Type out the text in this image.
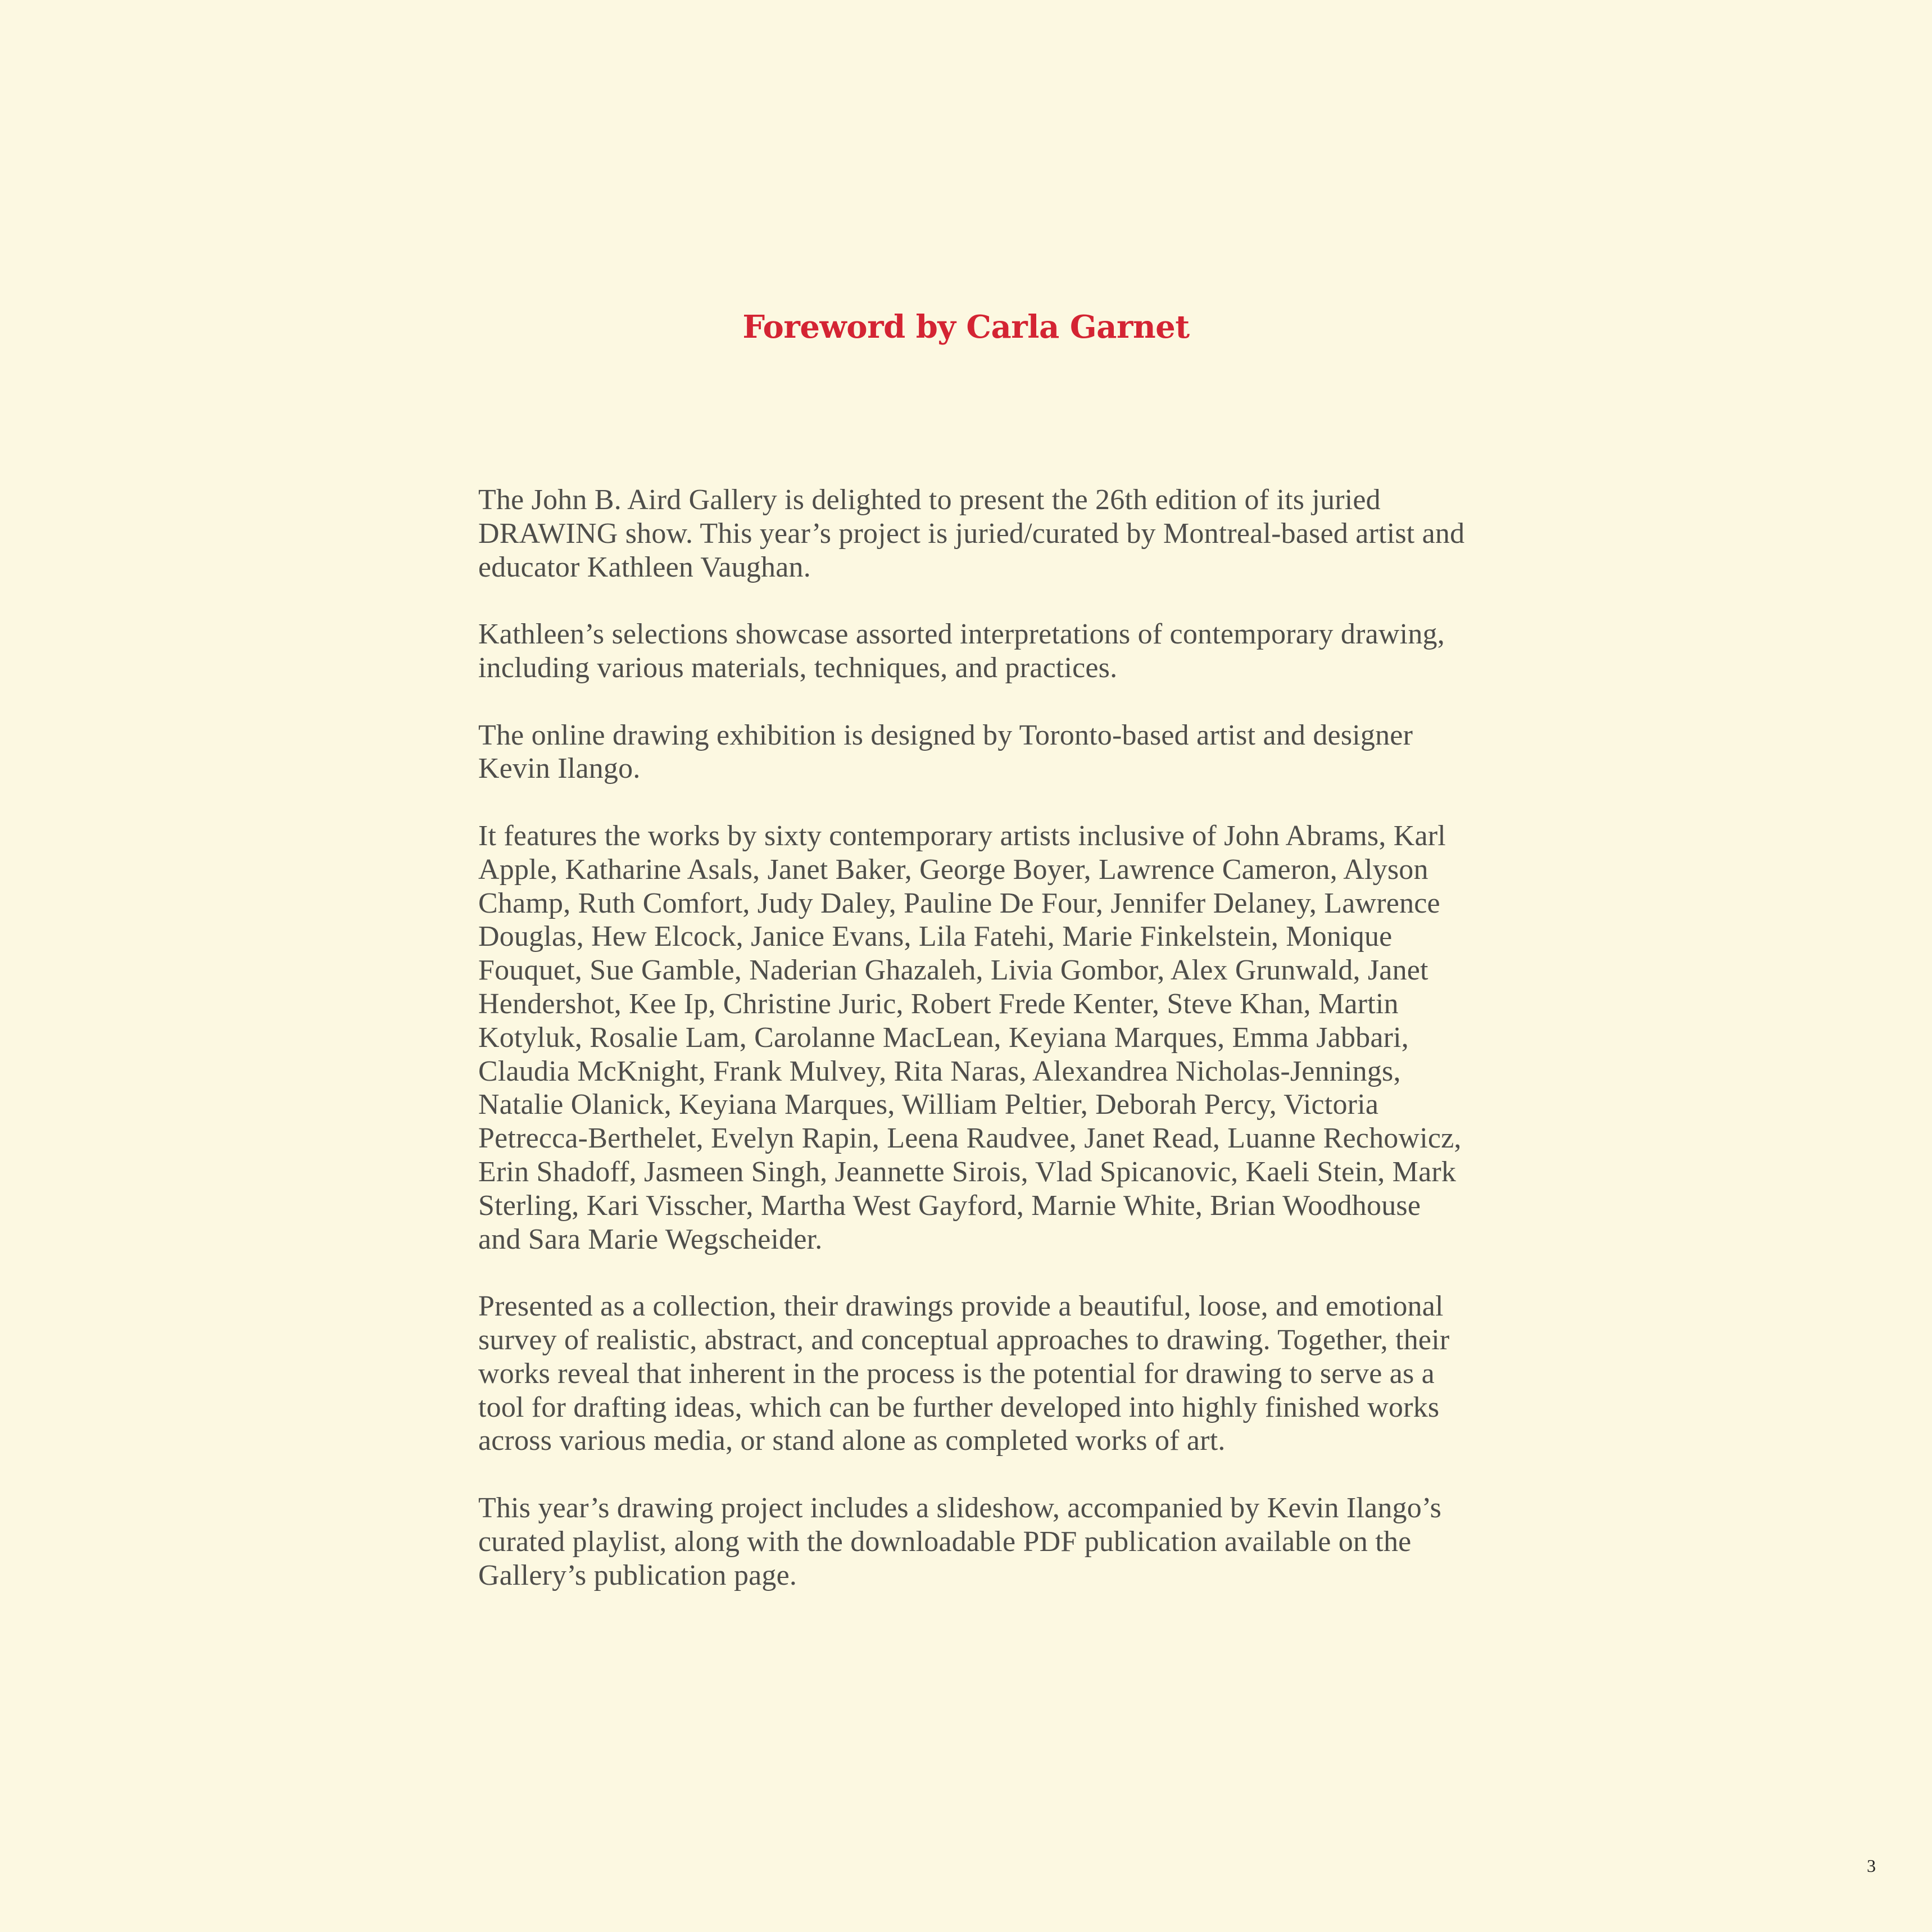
Foreword by Carla Garnet

The John B. Aird Gallery is delighted to present the 26th edition of its juried DRAWING show. This year’s project is juried/curated by Montreal-based artist and educator Kathleen Vaughan.

Kathleen’s selections showcase assorted interpretations of contemporary drawing, including various materials, techniques, and practices.

The online drawing exhibition is designed by Toronto-based artist and designer Kevin Ilango.

It features the works by sixty contemporary artists inclusive of John Abrams, Karl Apple, Katharine Asals, Janet Baker, George Boyer, Lawrence Cameron, Alyson Champ, Ruth Comfort, Judy Daley, Pauline De Four, Jennifer Delaney, Lawrence Douglas, Hew Elcock, Janice Evans, Lila Fatehi, Marie Finkelstein, Monique Fouquet, Sue Gamble, Naderian Ghazaleh, Livia Gombor, Alex Grunwald, Janet Hendershot, Kee Ip, Christine Juric, Robert Frede Kenter, Steve Khan, Martin Kotyluk, Rosalie Lam, Carolanne MacLean, Keyiana Marques, Emma Jabbari, Claudia McKnight, Frank Mulvey, Rita Naras, Alexandrea Nicholas-Jennings, Natalie Olanick, Keyiana Marques, William Peltier, Deborah Percy, Victoria Petrecca-Berthelet, Evelyn Rapin, Leena Raudvee, Janet Read, Luanne Rechowicz, Erin Shadoff, Jasmeen Singh, Jeannette Sirois, Vlad Spicanovic, Kaeli Stein, Mark Sterling, Kari Visscher, Martha West Gayford, Marnie White, Brian Woodhouse and Sara Marie Wegscheider.

Presented as a collection, their drawings provide a beautiful, loose, and emotional survey of realistic, abstract, and conceptual approaches to drawing. Together, their works reveal that inherent in the process is the potential for drawing to serve as a tool for drafting ideas, which can be further developed into highly finished works across various media, or stand alone as completed works of art.

This year’s drawing project includes a slideshow, accompanied by Kevin Ilango’s curated playlist, along with the downloadable PDF publication available on the Gallery’s publication page.

3
